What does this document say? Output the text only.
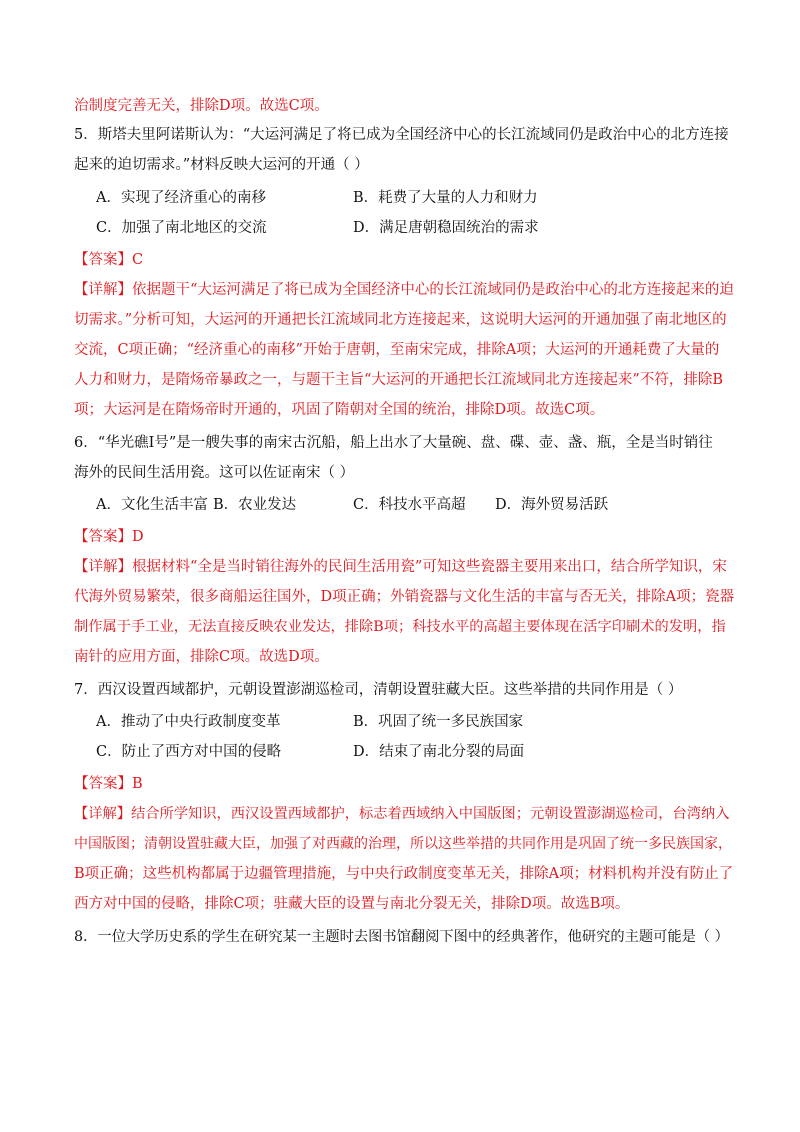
治制度完善无关，排除D项。故选C项。
5．斯塔夫里阿诺斯认为：“大运河满足了将已成为全国经济中心的长江流域同仍是政治中心的北方连接
起来的迫切需求。”材料反映大运河的开通（ ）
A．实现了经济重心的南移	B．耗费了大量的人力和财力
C．加强了南北地区的交流	D．满足唐朝稳固统治的需求
【答案】C
【详解】依据题干“大运河满足了将已成为全国经济中心的长江流域同仍是政治中心的北方连接起来的迫
切需求。”分析可知，大运河的开通把长江流域同北方连接起来，这说明大运河的开通加强了南北地区的
交流，C项正确；“经济重心的南移”开始于唐朝，至南宋完成，排除A项；大运河的开通耗费了大量的
人力和财力，是隋炀帝暴政之一，与题干主旨“大运河的开通把长江流域同北方连接起来”不符，排除B
项；大运河是在隋炀帝时开通的，巩固了隋朝对全国的统治，排除D项。故选C项。
6．“华光礁Ⅰ号”是一艘失事的南宋古沉船，船上出水了大量碗、盘、碟、壶、盏、瓶，全是当时销往
海外的民间生活用瓷。这可以佐证南宋（ ）
A．文化生活丰富 B．农业发达	C．科技水平高超 D．海外贸易活跃
【答案】D
【详解】根据材料“全是当时销往海外的民间生活用瓷”可知这些瓷器主要用来出口，结合所学知识，宋
代海外贸易繁荣，很多商船运往国外，D项正确；外销瓷器与文化生活的丰富与否无关，排除A项；瓷器
制作属于手工业，无法直接反映农业发达，排除B项；科技水平的高超主要体现在活字印刷术的发明，指
南针的应用方面，排除C项。故选D项。
7．西汉设置西域都护，元朝设置澎湖巡检司，清朝设置驻藏大臣。这些举措的共同作用是（ ）
A．推动了中央行政制度变革	B．巩固了统一多民族国家
C．防止了西方对中国的侵略	D．结束了南北分裂的局面
【答案】B
【详解】结合所学知识，西汉设置西域都护，标志着西域纳入中国版图；元朝设置澎湖巡检司，台湾纳入
中国版图；清朝设置驻藏大臣，加强了对西藏的治理，所以这些举措的共同作用是巩固了统一多民族国家，
B项正确；这些机构都属于边疆管理措施，与中央行政制度变革无关，排除A项；材料机构并没有防止了
西方对中国的侵略，排除C项；驻藏大臣的设置与南北分裂无关，排除D项。故选B项。
8．一位大学历史系的学生在研究某一主题时去图书馆翻阅下图中的经典著作，他研究的主题可能是（ ）
